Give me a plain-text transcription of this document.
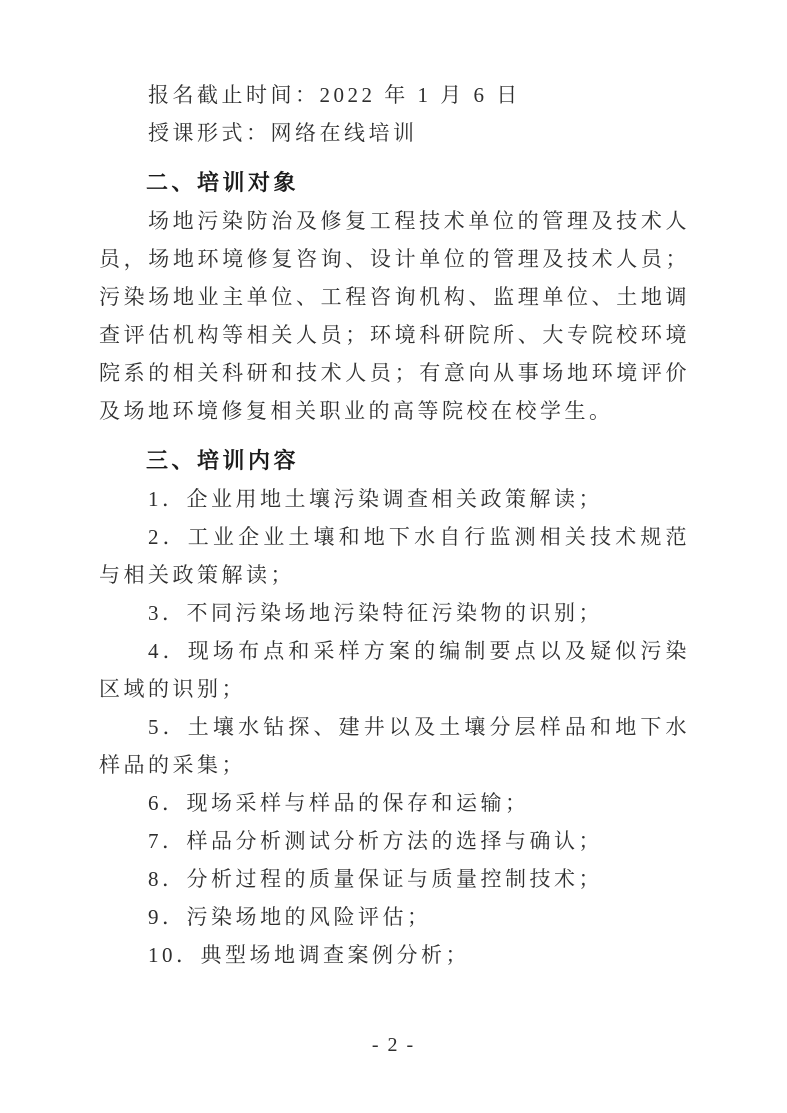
报名截止时间：2022 年 1 月 6 日

授课形式：网络在线培训

二、培训对象

场地污染防治及修复工程技术单位的管理及技术人员，场地环境修复咨询、设计单位的管理及技术人员；污染场地业主单位、工程咨询机构、监理单位、土地调查评估机构等相关人员；环境科研院所、大专院校环境院系的相关科研和技术人员；有意向从事场地环境评价及场地环境修复相关职业的高等院校在校学生。

三、培训内容

1．企业用地土壤污染调查相关政策解读；

2．工业企业土壤和地下水自行监测相关技术规范与相关政策解读；

3．不同污染场地污染特征污染物的识别；

4．现场布点和采样方案的编制要点以及疑似污染区域的识别；

5．土壤水钻探、建井以及土壤分层样品和地下水样品的采集；

6．现场采样与样品的保存和运输；

7．样品分析测试分析方法的选择与确认；

8．分析过程的质量保证与质量控制技术；

9．污染场地的风险评估；

10．典型场地调查案例分析；

- 2 -
